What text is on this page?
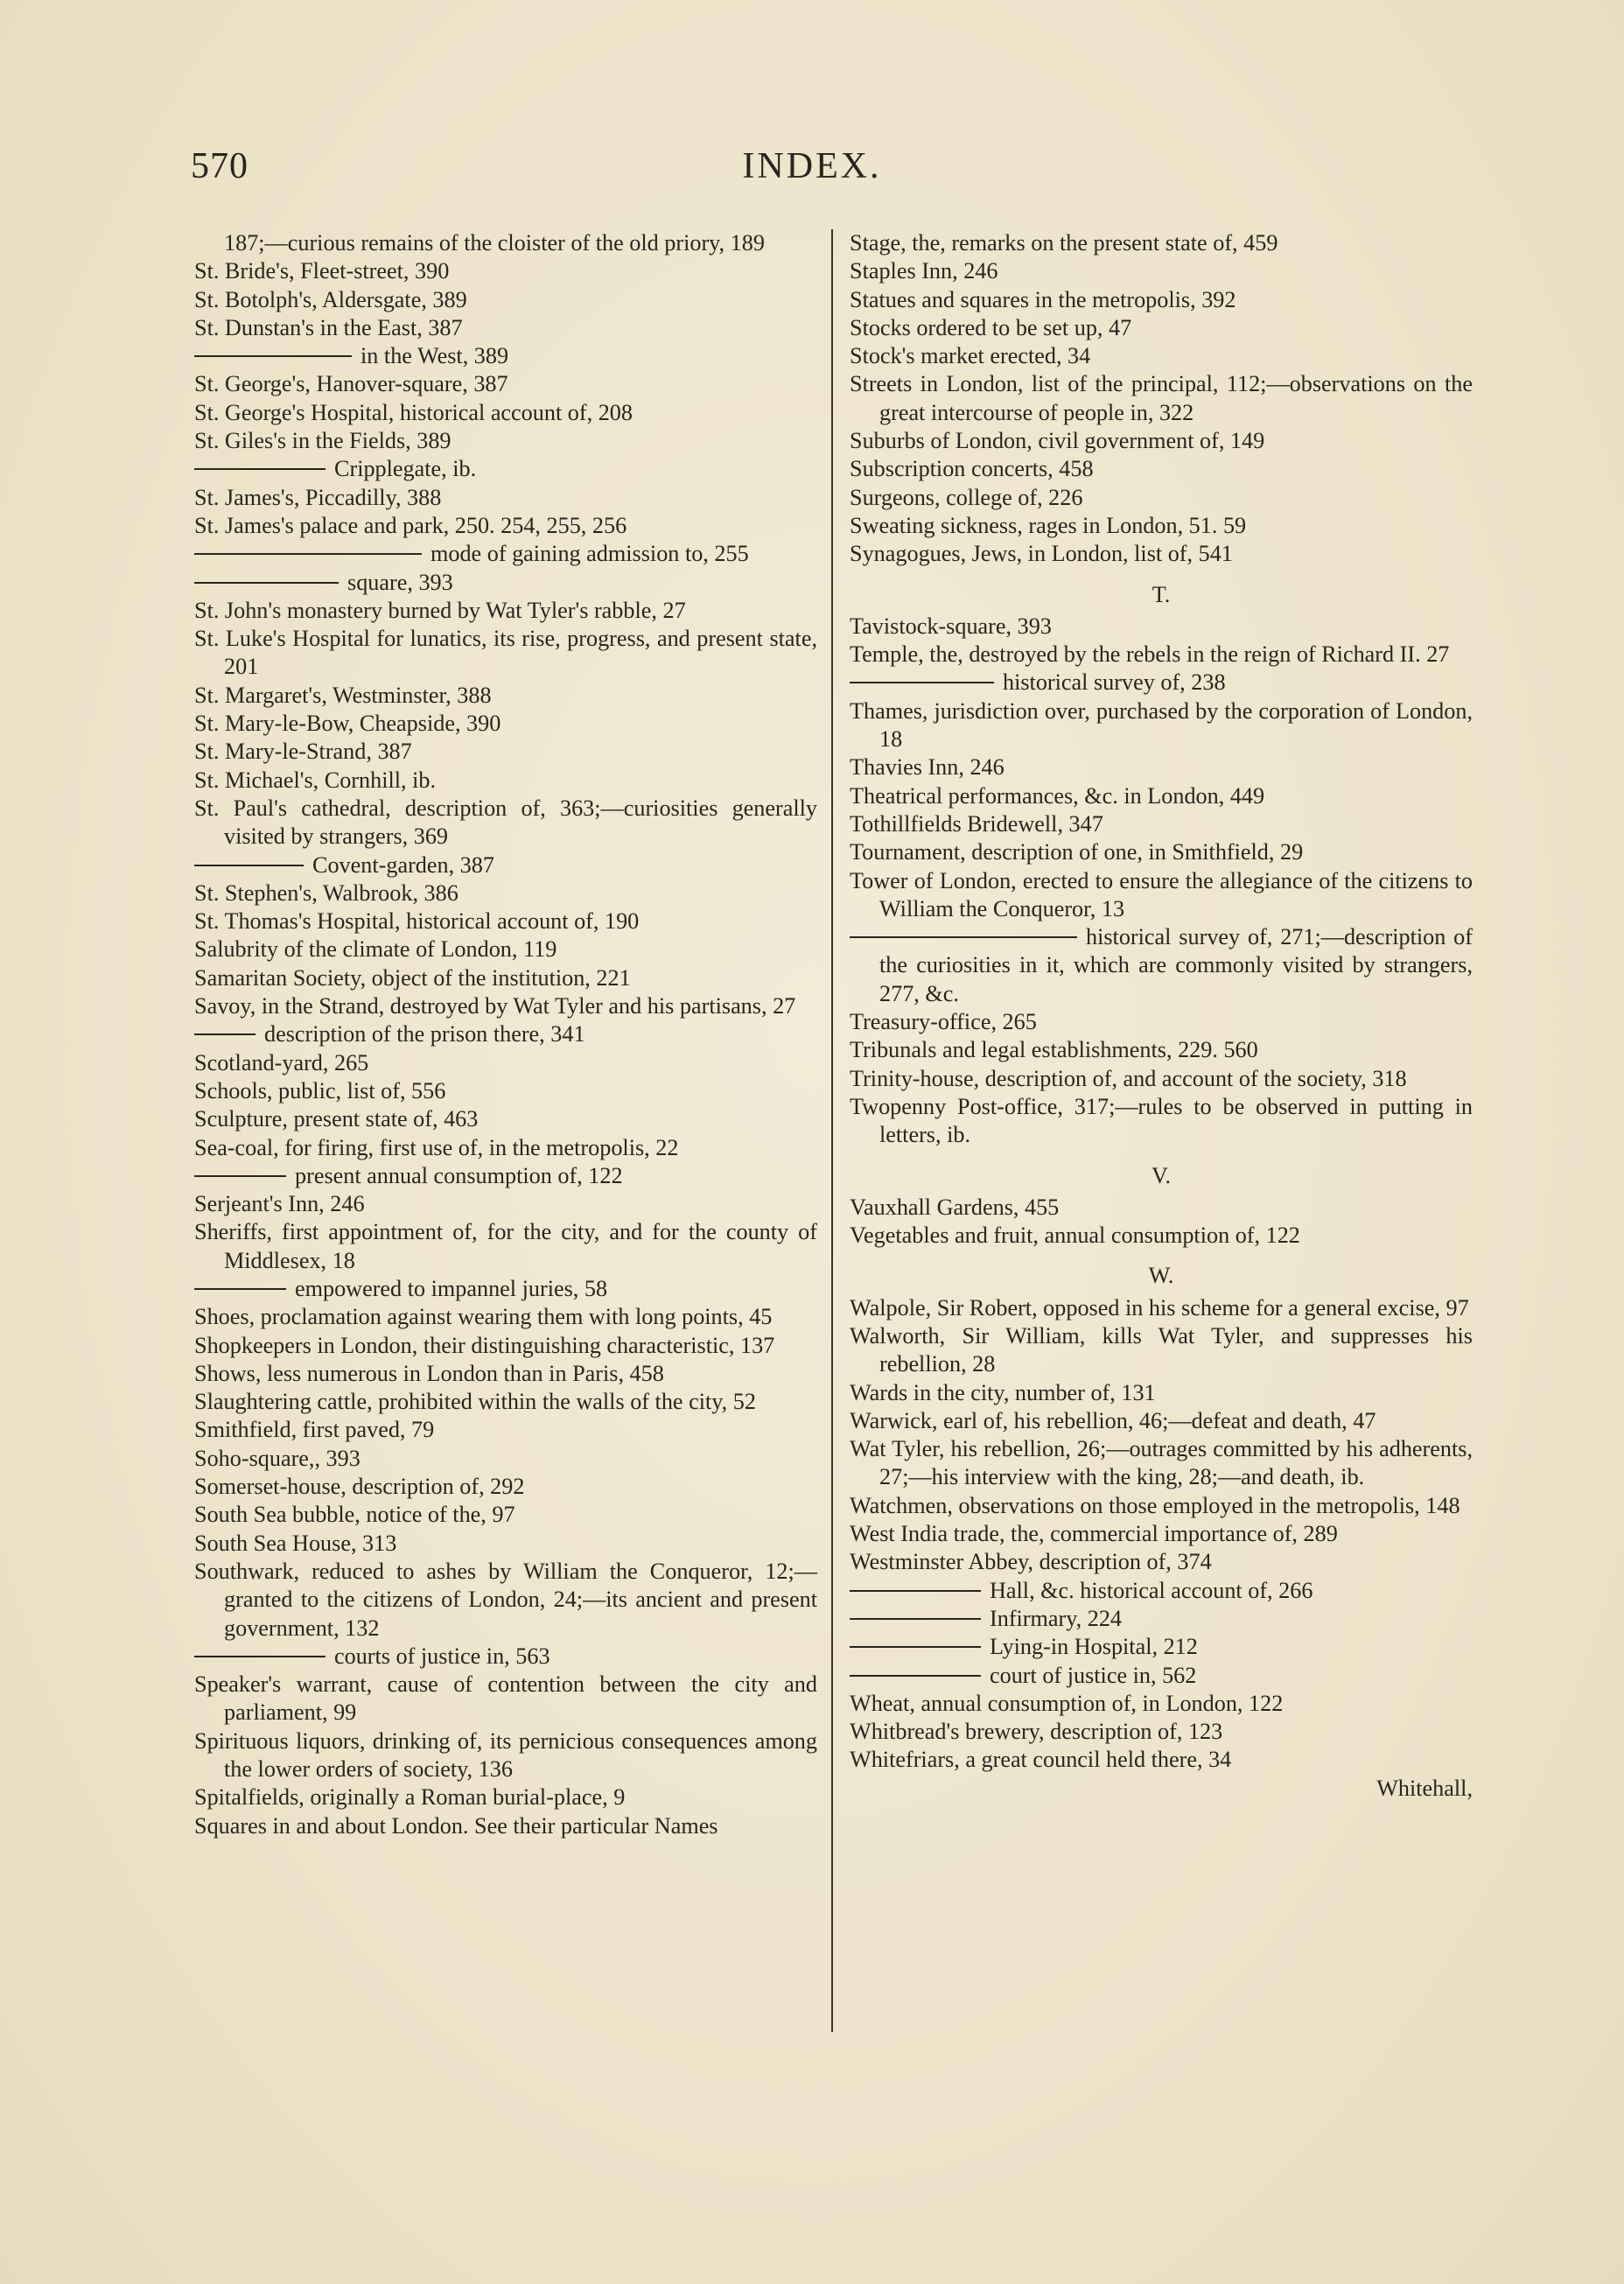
570	INDEX.
187;—curious remains of the cloister of the old priory, 189
St. Bride's, Fleet-street, 390
St. Botolph's, Aldersgate, 389
St. Dunstan's in the East, 387
in the West, 389
St. George's, Hanover-square, 387
St. George's Hospital, historical account of, 208
St. Giles's in the Fields, 389
Cripplegate, ib.
St. James's, Piccadilly, 388
St. James's palace and park, 250. 254, 255, 256
mode of gaining admission to, 255
square, 393
St. John's monastery burned by Wat Tyler's rabble, 27
St. Luke's Hospital for lunatics, its rise, progress, and present state, 201
St. Margaret's, Westminster, 388
St. Mary-le-Bow, Cheapside, 390
St. Mary-le-Strand, 387
St. Michael's, Cornhill, ib.
St. Paul's cathedral, description of, 363;—curiosities generally visited by strangers, 369
Covent-garden, 387
St. Stephen's, Walbrook, 386
St. Thomas's Hospital, historical account of, 190
Salubrity of the climate of London, 119
Samaritan Society, object of the institution, 221
Savoy, in the Strand, destroyed by Wat Tyler and his partisans, 27
description of the prison there, 341
Scotland-yard, 265
Schools, public, list of, 556
Sculpture, present state of, 463
Sea-coal, for firing, first use of, in the metropolis, 22
present annual consumption of, 122
Serjeant's Inn, 246
Sheriffs, first appointment of, for the city, and for the county of Middlesex, 18
empowered to impannel juries, 58
Shoes, proclamation against wearing them with long points, 45
Shopkeepers in London, their distinguishing characteristic, 137
Shows, less numerous in London than in Paris, 458
Slaughtering cattle, prohibited within the walls of the city, 52
Smithfield, first paved, 79
Soho-square,, 393
Somerset-house, description of, 292
South Sea bubble, notice of the, 97
South Sea House, 313
Southwark, reduced to ashes by William the Conqueror, 12;—granted to the citizens of London, 24;—its ancient and present government, 132
courts of justice in, 563
Speaker's warrant, cause of contention between the city and parliament, 99
Spirituous liquors, drinking of, its pernicious consequences among the lower orders of society, 136
Spitalfields, originally a Roman burial-place, 9
Squares in and about London. See their particular Names
Stage, the, remarks on the present state of, 459
Staples Inn, 246
Statues and squares in the metropolis, 392
Stocks ordered to be set up, 47
Stock's market erected, 34
Streets in London, list of the principal, 112;—observations on the great intercourse of people in, 322
Suburbs of London, civil government of, 149
Subscription concerts, 458
Surgeons, college of, 226
Sweating sickness, rages in London, 51. 59
Synagogues, Jews, in London, list of, 541
T.
Tavistock-square, 393
Temple, the, destroyed by the rebels in the reign of Richard II. 27
historical survey of, 238
Thames, jurisdiction over, purchased by the corporation of London, 18
Thavies Inn, 246
Theatrical performances, &c. in London, 449
Tothillfields Bridewell, 347
Tournament, description of one, in Smithfield, 29
Tower of London, erected to ensure the allegiance of the citizens to William the Conqueror, 13
historical survey of, 271;—description of the curiosities in it, which are commonly visited by strangers, 277, &c.
Treasury-office, 265
Tribunals and legal establishments, 229. 560
Trinity-house, description of, and account of the society, 318
Twopenny Post-office, 317;—rules to be observed in putting in letters, ib.
V.
Vauxhall Gardens, 455
Vegetables and fruit, annual consumption of, 122
W.
Walpole, Sir Robert, opposed in his scheme for a general excise, 97
Walworth, Sir William, kills Wat Tyler, and suppresses his rebellion, 28
Wards in the city, number of, 131
Warwick, earl of, his rebellion, 46;—defeat and death, 47
Wat Tyler, his rebellion, 26;—outrages committed by his adherents, 27;—his interview with the king, 28;—and death, ib.
Watchmen, observations on those employed in the metropolis, 148
West India trade, the, commercial importance of, 289
Westminster Abbey, description of, 374
Hall, &c. historical account of, 266
Infirmary, 224
Lying-in Hospital, 212
court of justice in, 562
Wheat, annual consumption of, in London, 122
Whitbread's brewery, description of, 123
Whitefriars, a great council held there, 34
Whitehall,
